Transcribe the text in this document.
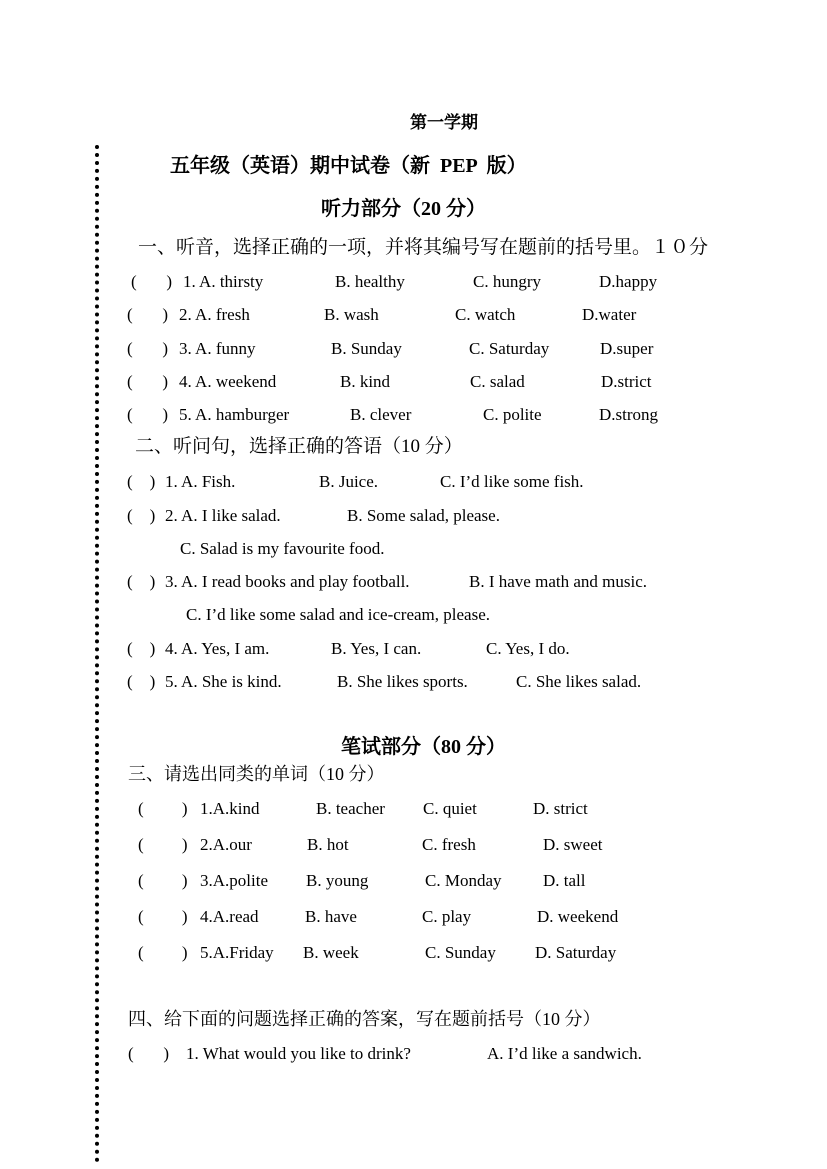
第一学期
五年级（英语）期中试卷（新  PEP  版）
听力部分（20 分）
一、听音，选择正确的一项，并将其编号写在题前的括号里。１０分
(       ) 1. A. thirsty	B. healthy	C. hungry	D.happy
(       ) 2. A. fresh	B. wash	C. watch	D.water
(       ) 3. A. funny	B. Sunday	C. Saturday	D.super
(       ) 4. A. weekend	B. kind	C. salad	D.strict
(       ) 5. A. hamburger	B. clever	C. polite	D.strong
二、听问句，选择正确的答语（10 分）
(    ) 1. A. Fish.	B. Juice.	C. I’d like some fish.
(    ) 2. A. I like salad.	B. Some salad, please.
C. Salad is my favourite food.
(    ) 3. A. I read books and play football.	B. I have math and music.
C. I’d like some salad and ice-cream, please.
(    ) 4. A. Yes, I am.	B. Yes, I can.	C. Yes, I do.
(    ) 5. A. She is kind.	B. She likes sports.	C. She likes salad.
笔试部分（80 分）
三、请选出同类的单词（10 分）
(         ) 1.A.kind	B. teacher C. quiet	D. strict
(         ) 2.A.our	B. hot	C. fresh	D. sweet
(         ) 3.A.polite B. young	C. Monday D. tall
(         ) 4.A.read	B. have	C. play	D. weekend
(         ) 5.A.Friday B. week	C. Sunday D. Saturday
四、给下面的问题选择正确的答案，写在题前括号（10 分）
(       ) 1. What would you like to drink?	A. I’d like a sandwich.
